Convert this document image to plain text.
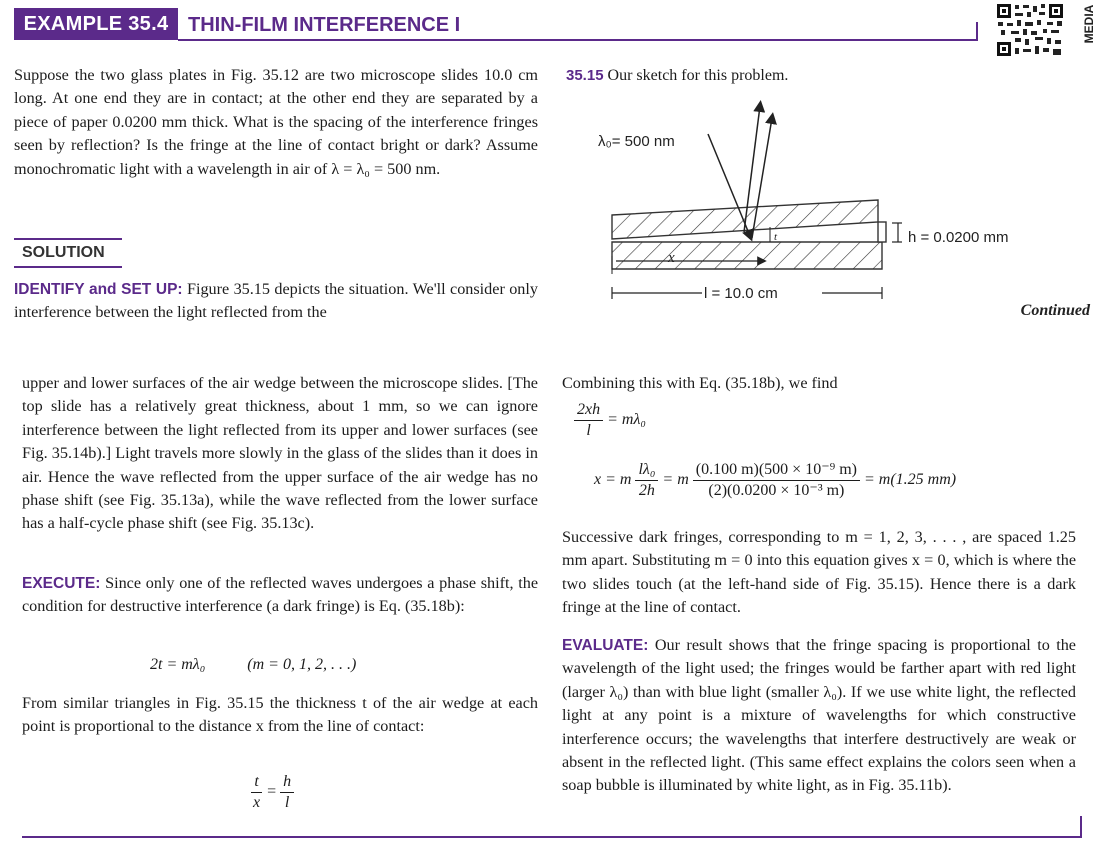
EXAMPLE 35.4 THIN-FILM INTERFERENCE I	MEDIA
Suppose the two glass plates in Fig. 35.12 are two microscope slides 10.0 cm long. At one end they are in contact; at the other end they are separated by a piece of paper 0.0200 mm thick. What is the spacing of the interference fringes seen by reflection? Is the fringe at the line of contact bright or dark? Assume monochromatic light with a wavelength in air of λ = λ₀ = 500 nm.
SOLUTION
IDENTIFY and SET UP: Figure 35.15 depicts the situation. We'll consider only interference between the light reflected from the
35.15 Our sketch for this problem.
t
x
l = 10.0 cm
h = 0.0200 mm
λ₀= 500 nm
Continued
upper and lower surfaces of the air wedge between the microscope slides. [The top slide has a relatively great thickness, about 1 mm, so we can ignore interference between the light reflected from its upper and lower surfaces (see Fig. 35.14b).] Light travels more slowly in the glass of the slides than it does in air. Hence the wave reflected from the upper surface of the air wedge has no phase shift (see Fig. 35.13a), while the wave reflected from the lower surface has a half-cycle phase shift (see Fig. 35.13c).
EXECUTE: Since only one of the reflected waves undergoes a phase shift, the condition for destructive interference (a dark fringe) is Eq. (35.18b):
2t = mλ₀	(m = 0, 1, 2, . . .)
From similar triangles in Fig. 35.15 the thickness t of the air wedge at each point is proportional to the distance x from the line of contact:
$\frac{t}{x} = \frac{h}{l}$
Combining this with Eq. (35.18b), we find
$\frac{2xh}{l} = m\lambda_0$
x = m $\frac{\text{lλ₀}}{2h} = m \frac{\text{(0.100 m)(500 × 10⁻⁹ m)}}{\text{(2)(0.0200 × 10⁻³ m)}} = m(1.25$ mm)
Successive dark fringes, corresponding to m = 1, 2, 3, . . . , are spaced 1.25 mm apart. Substituting m = 0 into this equation gives x = 0, which is where the two slides touch (at the left-hand side of Fig. 35.15). Hence there is a dark fringe at the line of contact.
EVALUATE: Our result shows that the fringe spacing is proportional to the wavelength of the light used; the fringes would be farther apart with red light (larger λ₀) than with blue light (smaller λ₀). If we use white light, the reflected light at any point is a mixture of wavelengths for which constructive interference occurs; the wavelengths that interfere destructively are weak or absent in the reflected light. (This same effect explains the colors seen when a soap bubble is illuminated by white light, as in Fig. 35.11b).
